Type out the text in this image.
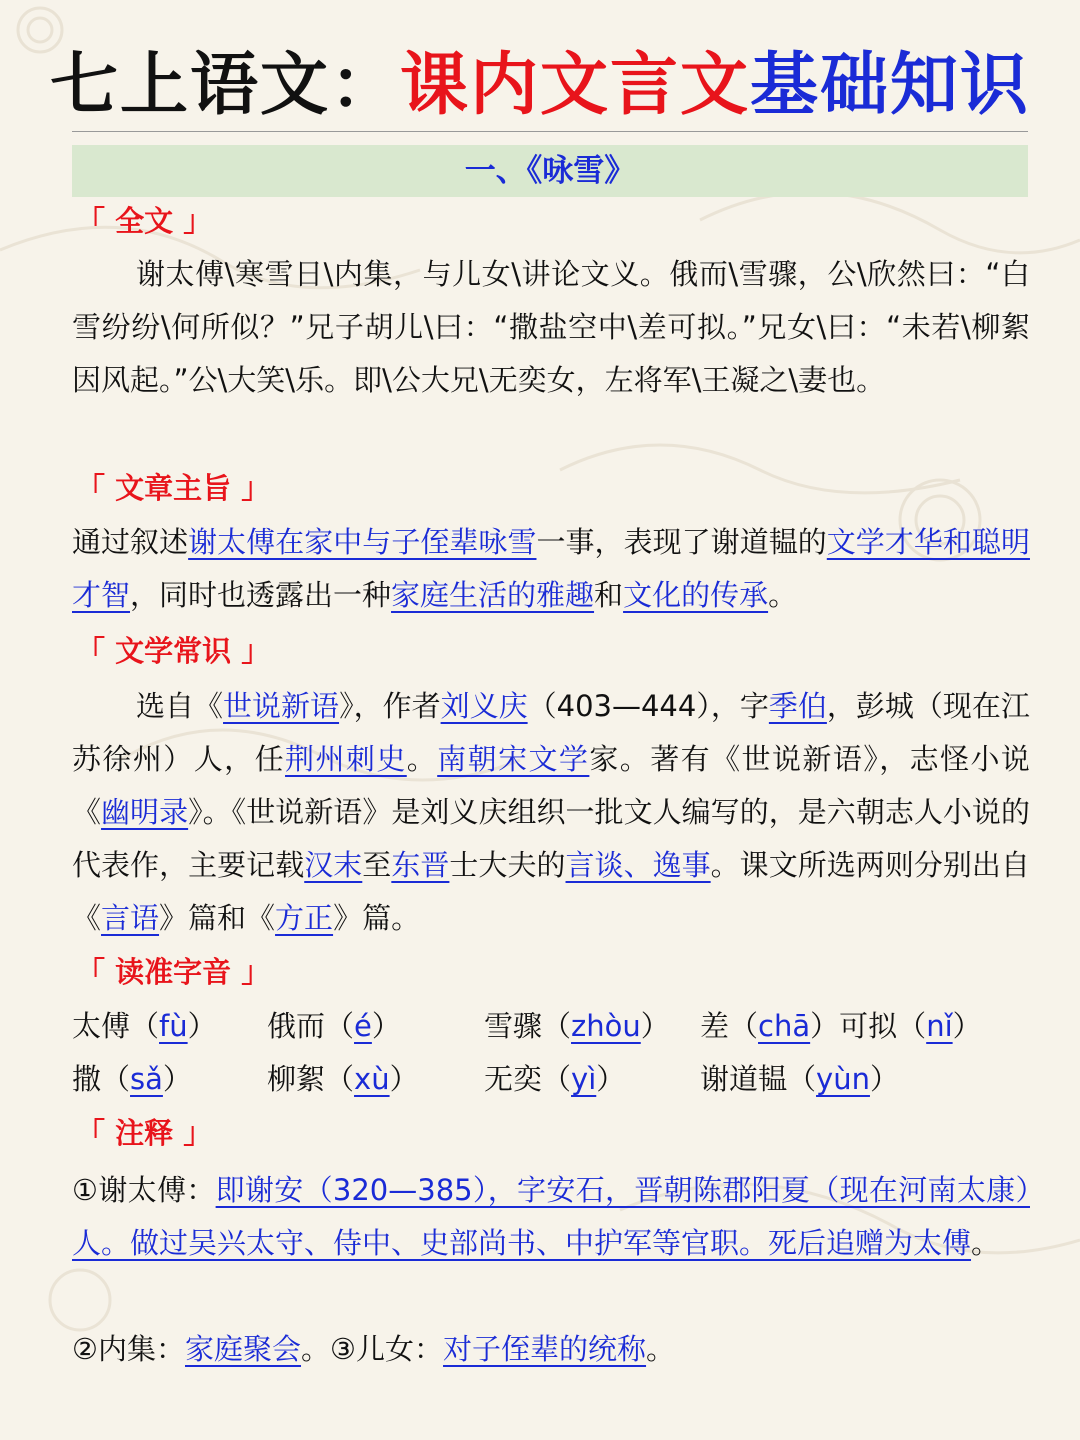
七上语文：课内文言文基础知识
一、《咏雪》
「 全文 」
谢太傅\寒雪日\内集，与儿女\讲论文义。俄而\雪骤，公\欣然曰：“白雪纷纷\何所似？”兄子胡儿\曰：“撒盐空中\差可拟。”兄女\曰：“未若\柳絮因风起。”公\大笑\乐。即\公大兄\无奕女，左将军\王凝之\妻也。
「 文章主旨 」
通过叙述谢太傅在家中与子侄辈咏雪一事，表现了谢道韫的文学才华和聪明才智，同时也透露出一种家庭生活的雅趣和文化的传承。
「 文学常识 」
选自《世说新语》，作者刘义庆（403—444），字季伯，彭城（现在江苏徐州）人，任荆州刺史。南朝宋文学家。著有《世说新语》，志怪小说《幽明录》。《世说新语》是刘义庆组织一批文人编写的，是六朝志人小说的代表作，主要记载汉末至东晋士大夫的言谈、逸事。课文所选两则分别出自《言语》篇和《方正》篇。
「 读准字音 」
太傅（fù） 俄而（é）	雪骤（zhòu） 差（chā）可拟（nǐ）
撒（sǎ）	柳絮（xù） 无奕（yì）	谢道韫（yùn）
「 注释 」
①谢太傅：即谢安（320—385），字安石，晋朝陈郡阳夏（现在河南太康）人。做过吴兴太守、侍中、史部尚书、中护军等官职。死后追赠为太傅。
②内集：家庭聚会。③儿女：对子侄辈的统称。
